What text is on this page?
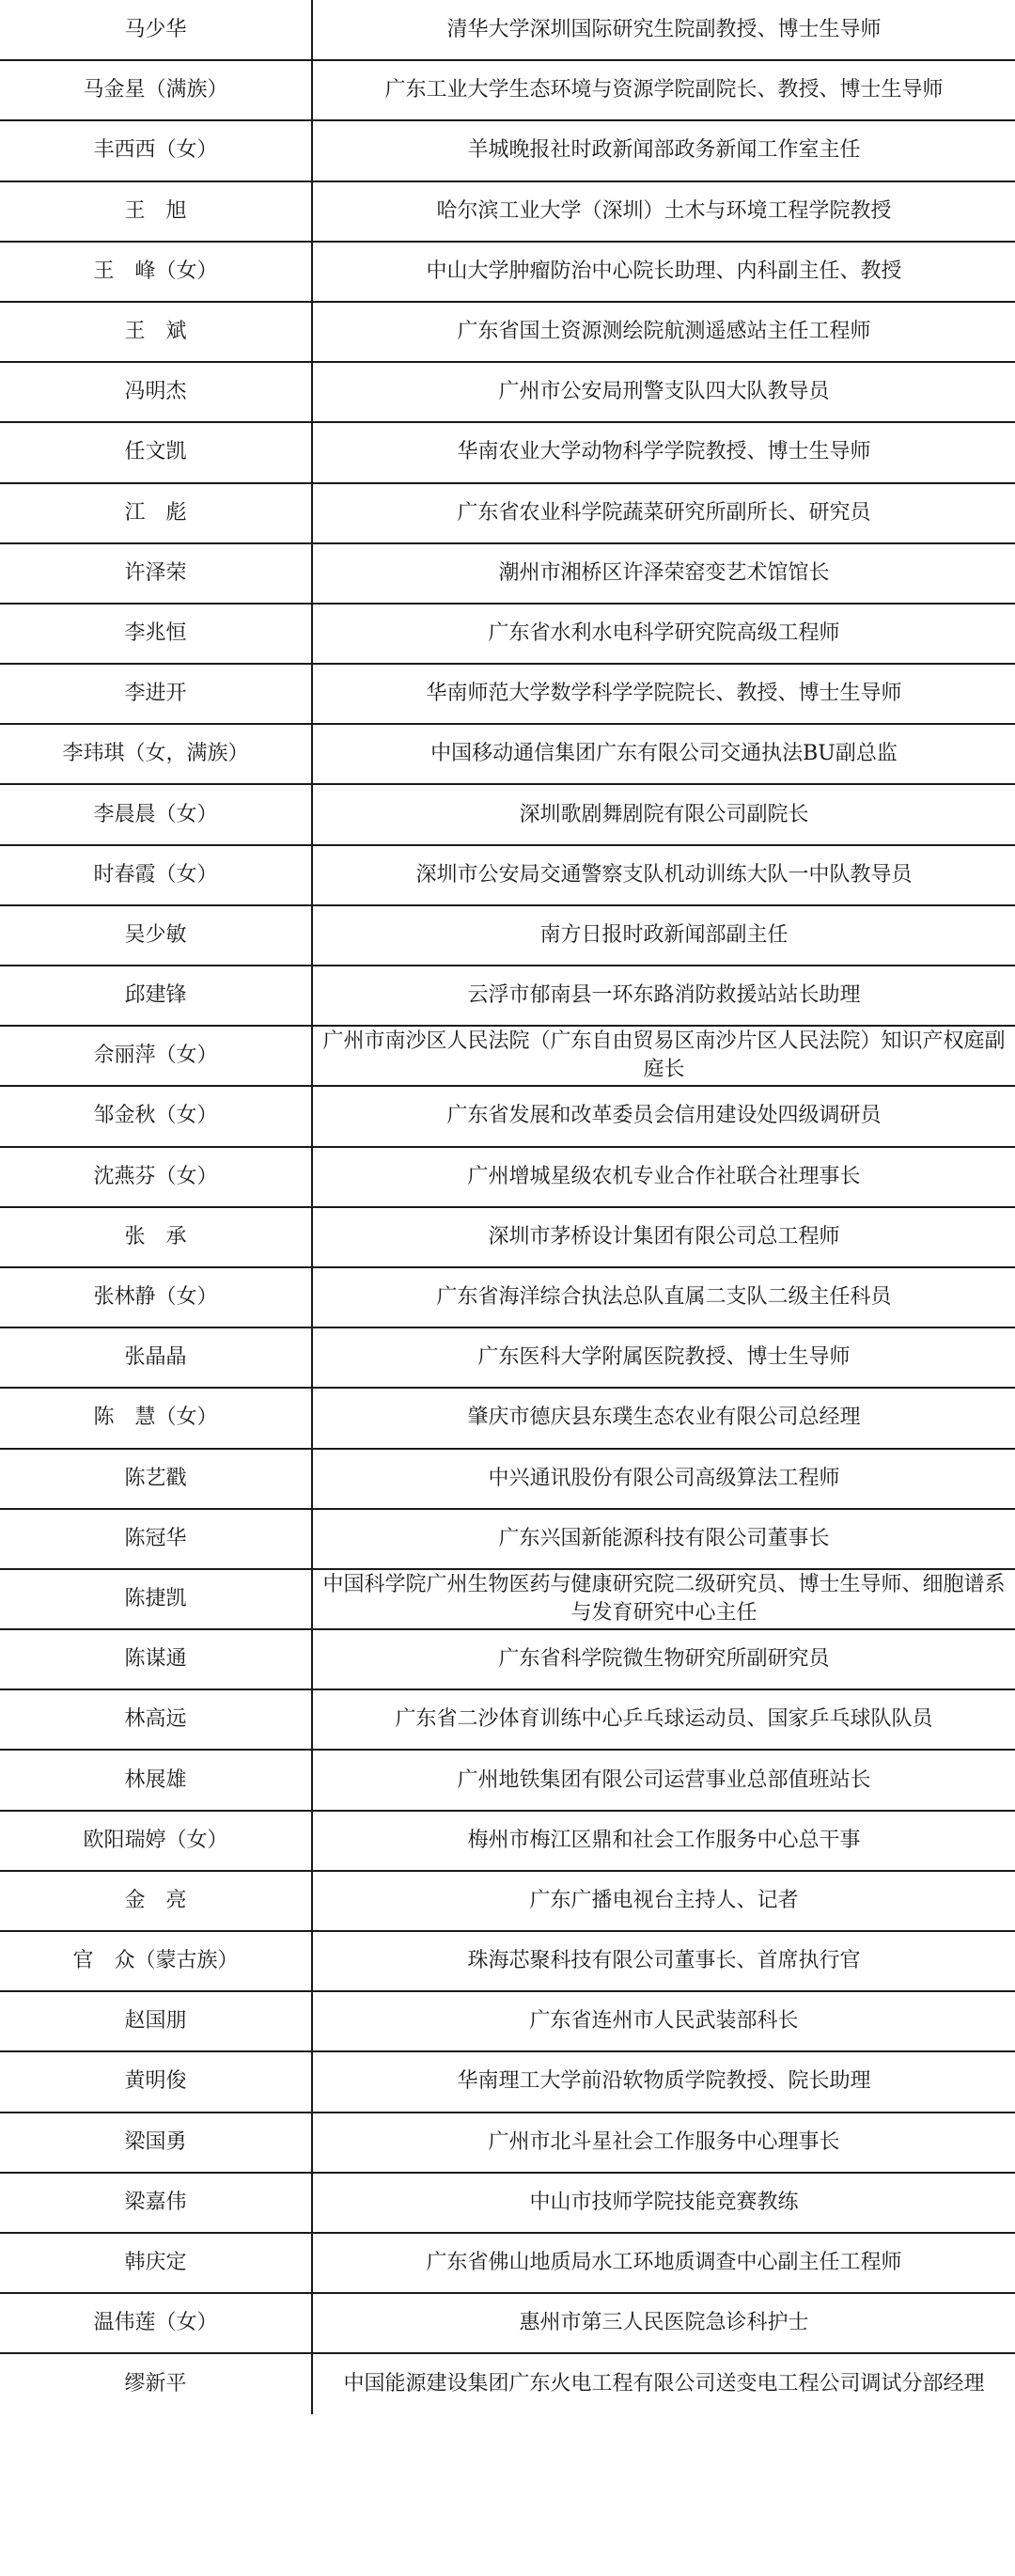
马少华	清华大学深圳国际研究生院副教授、博士生导师
马金星（满族）	广东工业大学生态环境与资源学院副院长、教授、博士生导师
丰西西（女）	羊城晚报社时政新闻部政务新闻工作室主任
王　旭	哈尔滨工业大学（深圳）土木与环境工程学院教授
王　峰（女）	中山大学肿瘤防治中心院长助理、内科副主任、教授
王　斌	广东省国土资源测绘院航测遥感站主任工程师
冯明杰	广州市公安局刑警支队四大队教导员
任文凯	华南农业大学动物科学学院教授、博士生导师
江　彪	广东省农业科学院蔬菜研究所副所长、研究员
许泽荣	潮州市湘桥区许泽荣窑变艺术馆馆长
李兆恒	广东省水利水电科学研究院高级工程师
李进开	华南师范大学数学科学学院院长、教授、博士生导师
李玮琪（女，满族）	中国移动通信集团广东有限公司交通执法BU副总监
李晨晨（女）	深圳歌剧舞剧院有限公司副院长
时春霞（女）	深圳市公安局交通警察支队机动训练大队一中队教导员
吴少敏	南方日报时政新闻部副主任
邱建锋	云浮市郁南县一环东路消防救援站站长助理
佘丽萍（女）	广州市南沙区人民法院（广东自由贸易区南沙片区人民法院）知识产权庭副庭长
邹金秋（女）	广东省发展和改革委员会信用建设处四级调研员
沈燕芬（女）	广州增城星级农机专业合作社联合社理事长
张　承	深圳市茅桥设计集团有限公司总工程师
张林静（女）	广东省海洋综合执法总队直属二支队二级主任科员
张晶晶	广东医科大学附属医院教授、博士生导师
陈　慧（女）	肇庆市德庆县东璞生态农业有限公司总经理
陈艺戳	中兴通讯股份有限公司高级算法工程师
陈冠华	广东兴国新能源科技有限公司董事长
陈捷凯	中国科学院广州生物医药与健康研究院二级研究员、博士生导师、细胞谱系与发育研究中心主任
陈谋通	广东省科学院微生物研究所副研究员
林高远	广东省二沙体育训练中心乒乓球运动员、国家乒乓球队队员
林展雄	广州地铁集团有限公司运营事业总部值班站长
欧阳瑞婷（女）	梅州市梅江区鼎和社会工作服务中心总干事
金　亮	广东广播电视台主持人、记者
官　众（蒙古族）	珠海芯聚科技有限公司董事长、首席执行官
赵国朋	广东省连州市人民武装部科长
黄明俊	华南理工大学前沿软物质学院教授、院长助理
梁国勇	广州市北斗星社会工作服务中心理事长
梁嘉伟	中山市技师学院技能竞赛教练
韩庆定	广东省佛山地质局水工环地质调查中心副主任工程师
温伟莲（女）	惠州市第三人民医院急诊科护士
缪新平	中国能源建设集团广东火电工程有限公司送变电工程公司调试分部经理
